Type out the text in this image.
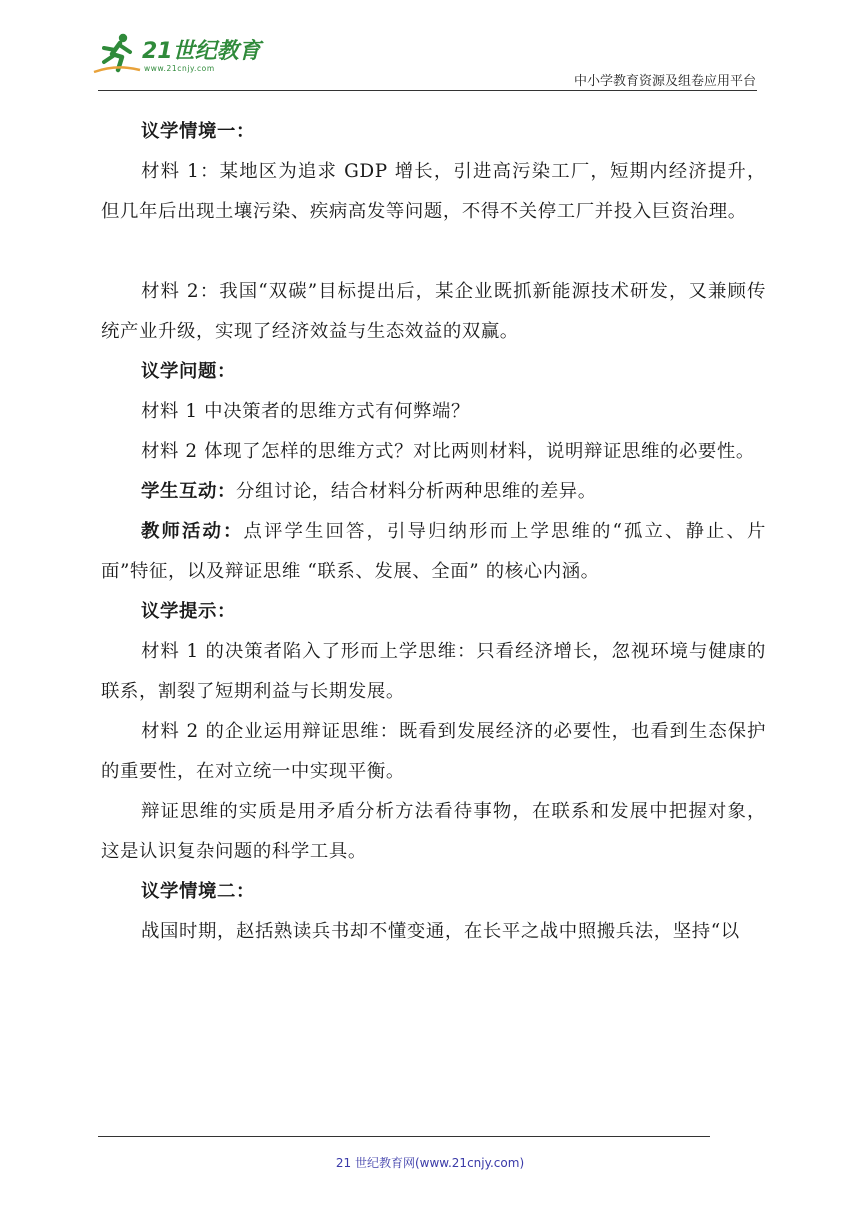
21世纪教育
www.21cnjy.com
中小学教育资源及组卷应用平台

议学情境一：

材料 1：某地区为追求 GDP 增长，引进高污染工厂，短期内经济提升，但几年后出现土壤污染、疾病高发等问题，不得不关停工厂并投入巨资治理。

材料 2：我国“双碳”目标提出后，某企业既抓新能源技术研发，又兼顾传统产业升级，实现了经济效益与生态效益的双赢。

议学问题：

材料 1 中决策者的思维方式有何弊端？

材料 2 体现了怎样的思维方式？对比两则材料，说明辩证思维的必要性。

学生互动：分组讨论，结合材料分析两种思维的差异。

教师活动：点评学生回答，引导归纳形而上学思维的“孤立、静止、片面”特征，以及辩证思维 “联系、发展、全面” 的核心内涵。

议学提示：

材料 1 的决策者陷入了形而上学思维：只看经济增长，忽视环境与健康的联系，割裂了短期利益与长期发展。

材料 2 的企业运用辩证思维：既看到发展经济的必要性，也看到生态保护的重要性，在对立统一中实现平衡。

辩证思维的实质是用矛盾分析方法看待事物，在联系和发展中把握对象，这是认识复杂问题的科学工具。

议学情境二：

战国时期，赵括熟读兵书却不懂变通，在长平之战中照搬兵法，坚持“以

21 世纪教育网(www.21cnjy.com)
